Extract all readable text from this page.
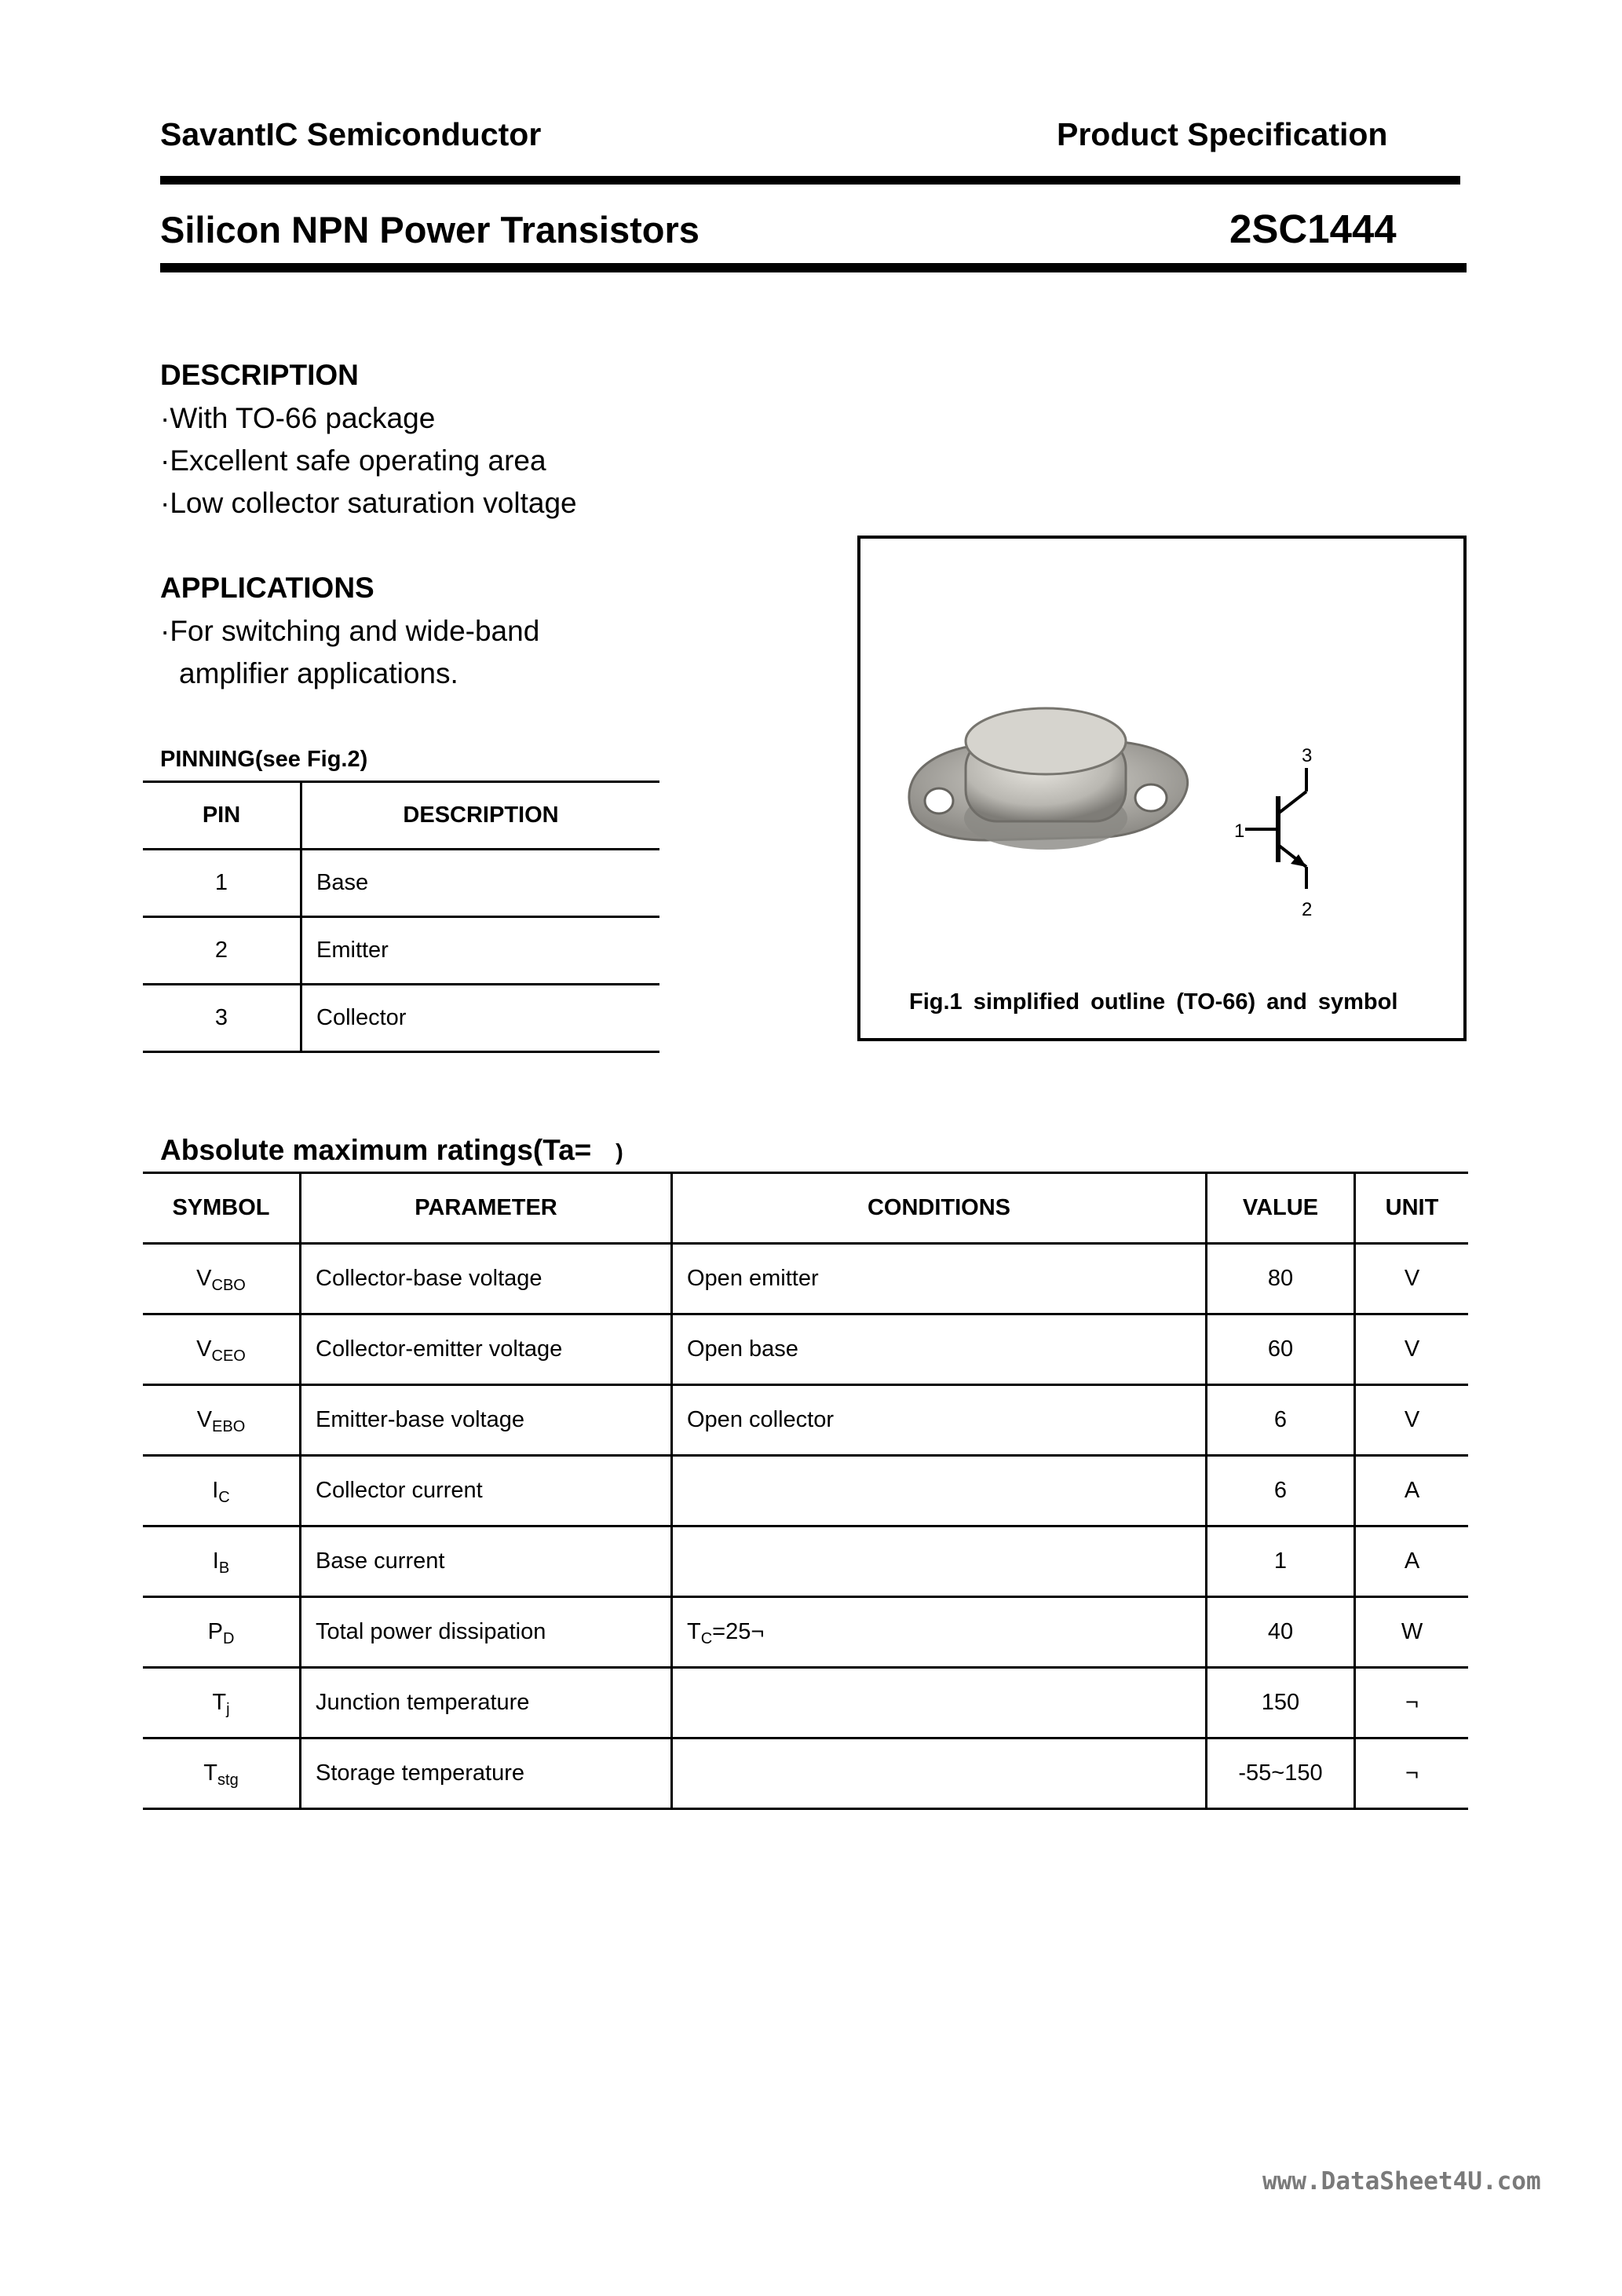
SavantIC Semiconductor	Product Specification
Silicon NPN Power Transistors	2SC1444
DESCRIPTION
·With TO-66 package
·Excellent safe operating area
·Low collector saturation voltage
APPLICATIONS
·For switching and wide-band
amplifier applications.
PINNING(see Fig.2)
PIN	DESCRIPTION
1	Base
2	Emitter
3	Collector
1
2
3
Fig.1 simplified outline (TO-66) and symbol
Absolute maximum ratings(Ta= )
SYMBOL	PARAMETER	CONDITIONS	VALUE	UNIT
$V_{CBO}$	Collector-base voltage	Open emitter	80	V
$V_{CEO}$	Collector-emitter voltage	Open base	60	V
$V_{EBO}$	Emitter-base voltage	Open collector	6	V
$I_C$	Collector current		6	A
$I_B$	Base current		1	A
$P_D$	Total power dissipation	$T_C=25\neg$	40	W
$T_j$	Junction temperature		150	¬
$T_{stg}$	Storage temperature		-55~150	¬
www.DataSheet4U.com
